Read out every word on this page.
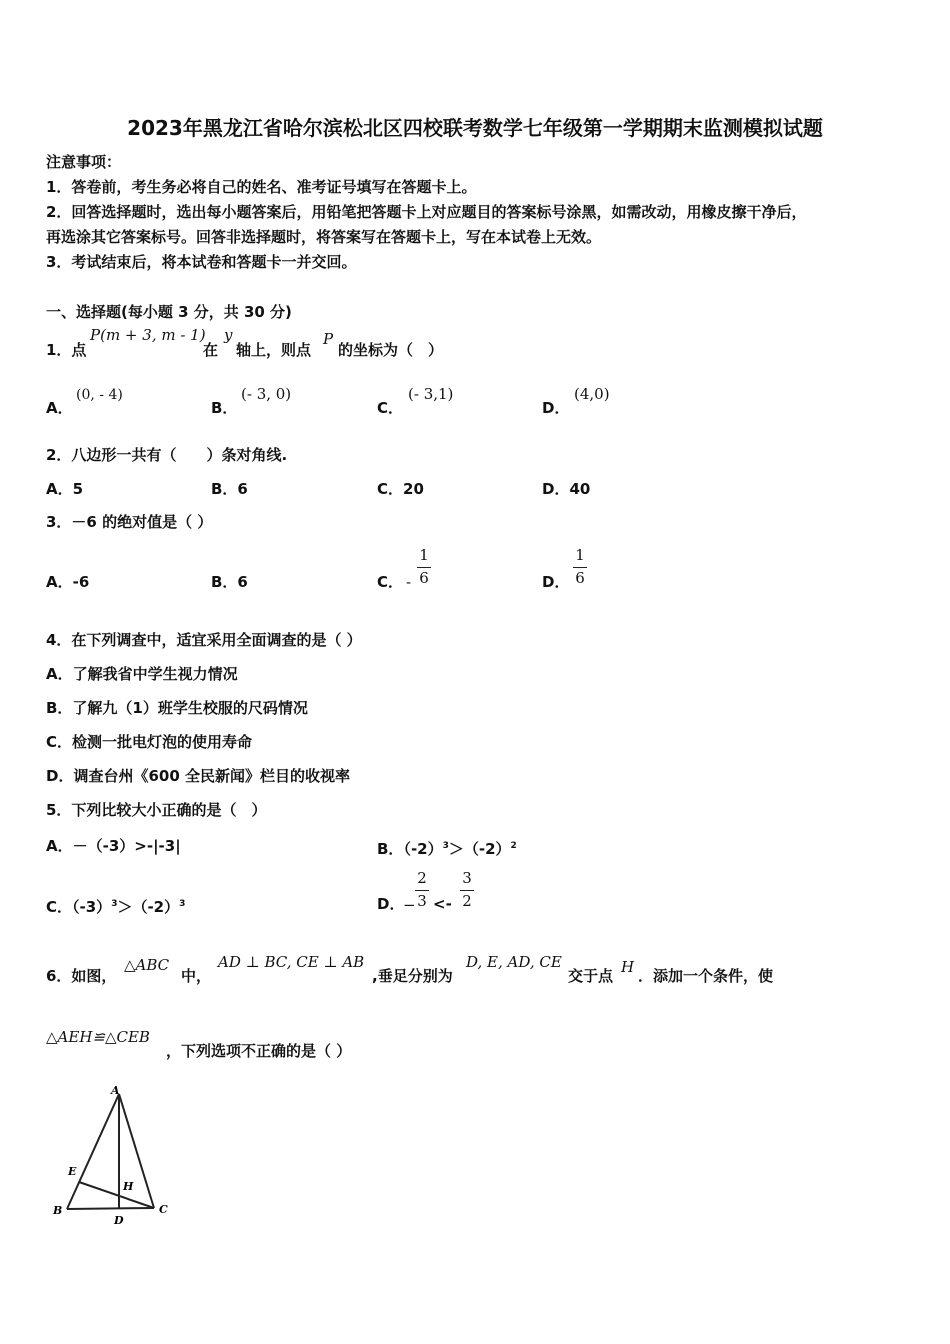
2023年黑龙江省哈尔滨松北区四校联考数学七年级第一学期期末监测模拟试题
注意事项：
1．答卷前，考生务必将自己的姓名、准考证号填写在答题卡上。
2．回答选择题时，选出每小题答案后，用铅笔把答题卡上对应题目的答案标号涂黑，如需改动，用橡皮擦干净后，
再选涂其它答案标号。回答非选择题时，将答案写在答题卡上，写在本试卷上无效。
3．考试结束后，将本试卷和答题卡一并交回。
一、选择题(每小题 3 分，共 30 分)
1．点
P(m + 3, m - 1)
在
y
轴上，则点
P
的坐标为（　）
A．
(0, - 4)
B．
(- 3, 0)
C．
(- 3,1)
D．
(4,0)
2．八边形一共有（　　）条对角线.
A．5	B．6	C．20	D．40
3．－6 的绝对值是（ ）
A．-6	B．6	C． -
1
6	D．
1
6
4．在下列调查中，适宜采用全面调查的是（ ）
A．了解我省中学生视力情况
B．了解九（1）班学生校服的尺码情况
C．检测一批电灯泡的使用寿命
D．调查台州《600 全民新闻》栏目的收视率
5．下列比较大小正确的是（　）
A．－（-3）>-|-3|	B．$(-2)^3>(-2)^2$
C．$(-3)^3>(-2)^3$	D．
−
2
3 <-
3
2
6．如图，
△ABC
中，
AD ⊥ BC, CE ⊥ AB
,垂足分别为
D, E, AD, CE
交于点 H ．添加一个条件，使
△AEH≌△CEB
，下列选项不正确的是（ ）
A
E
H
B	C
D
